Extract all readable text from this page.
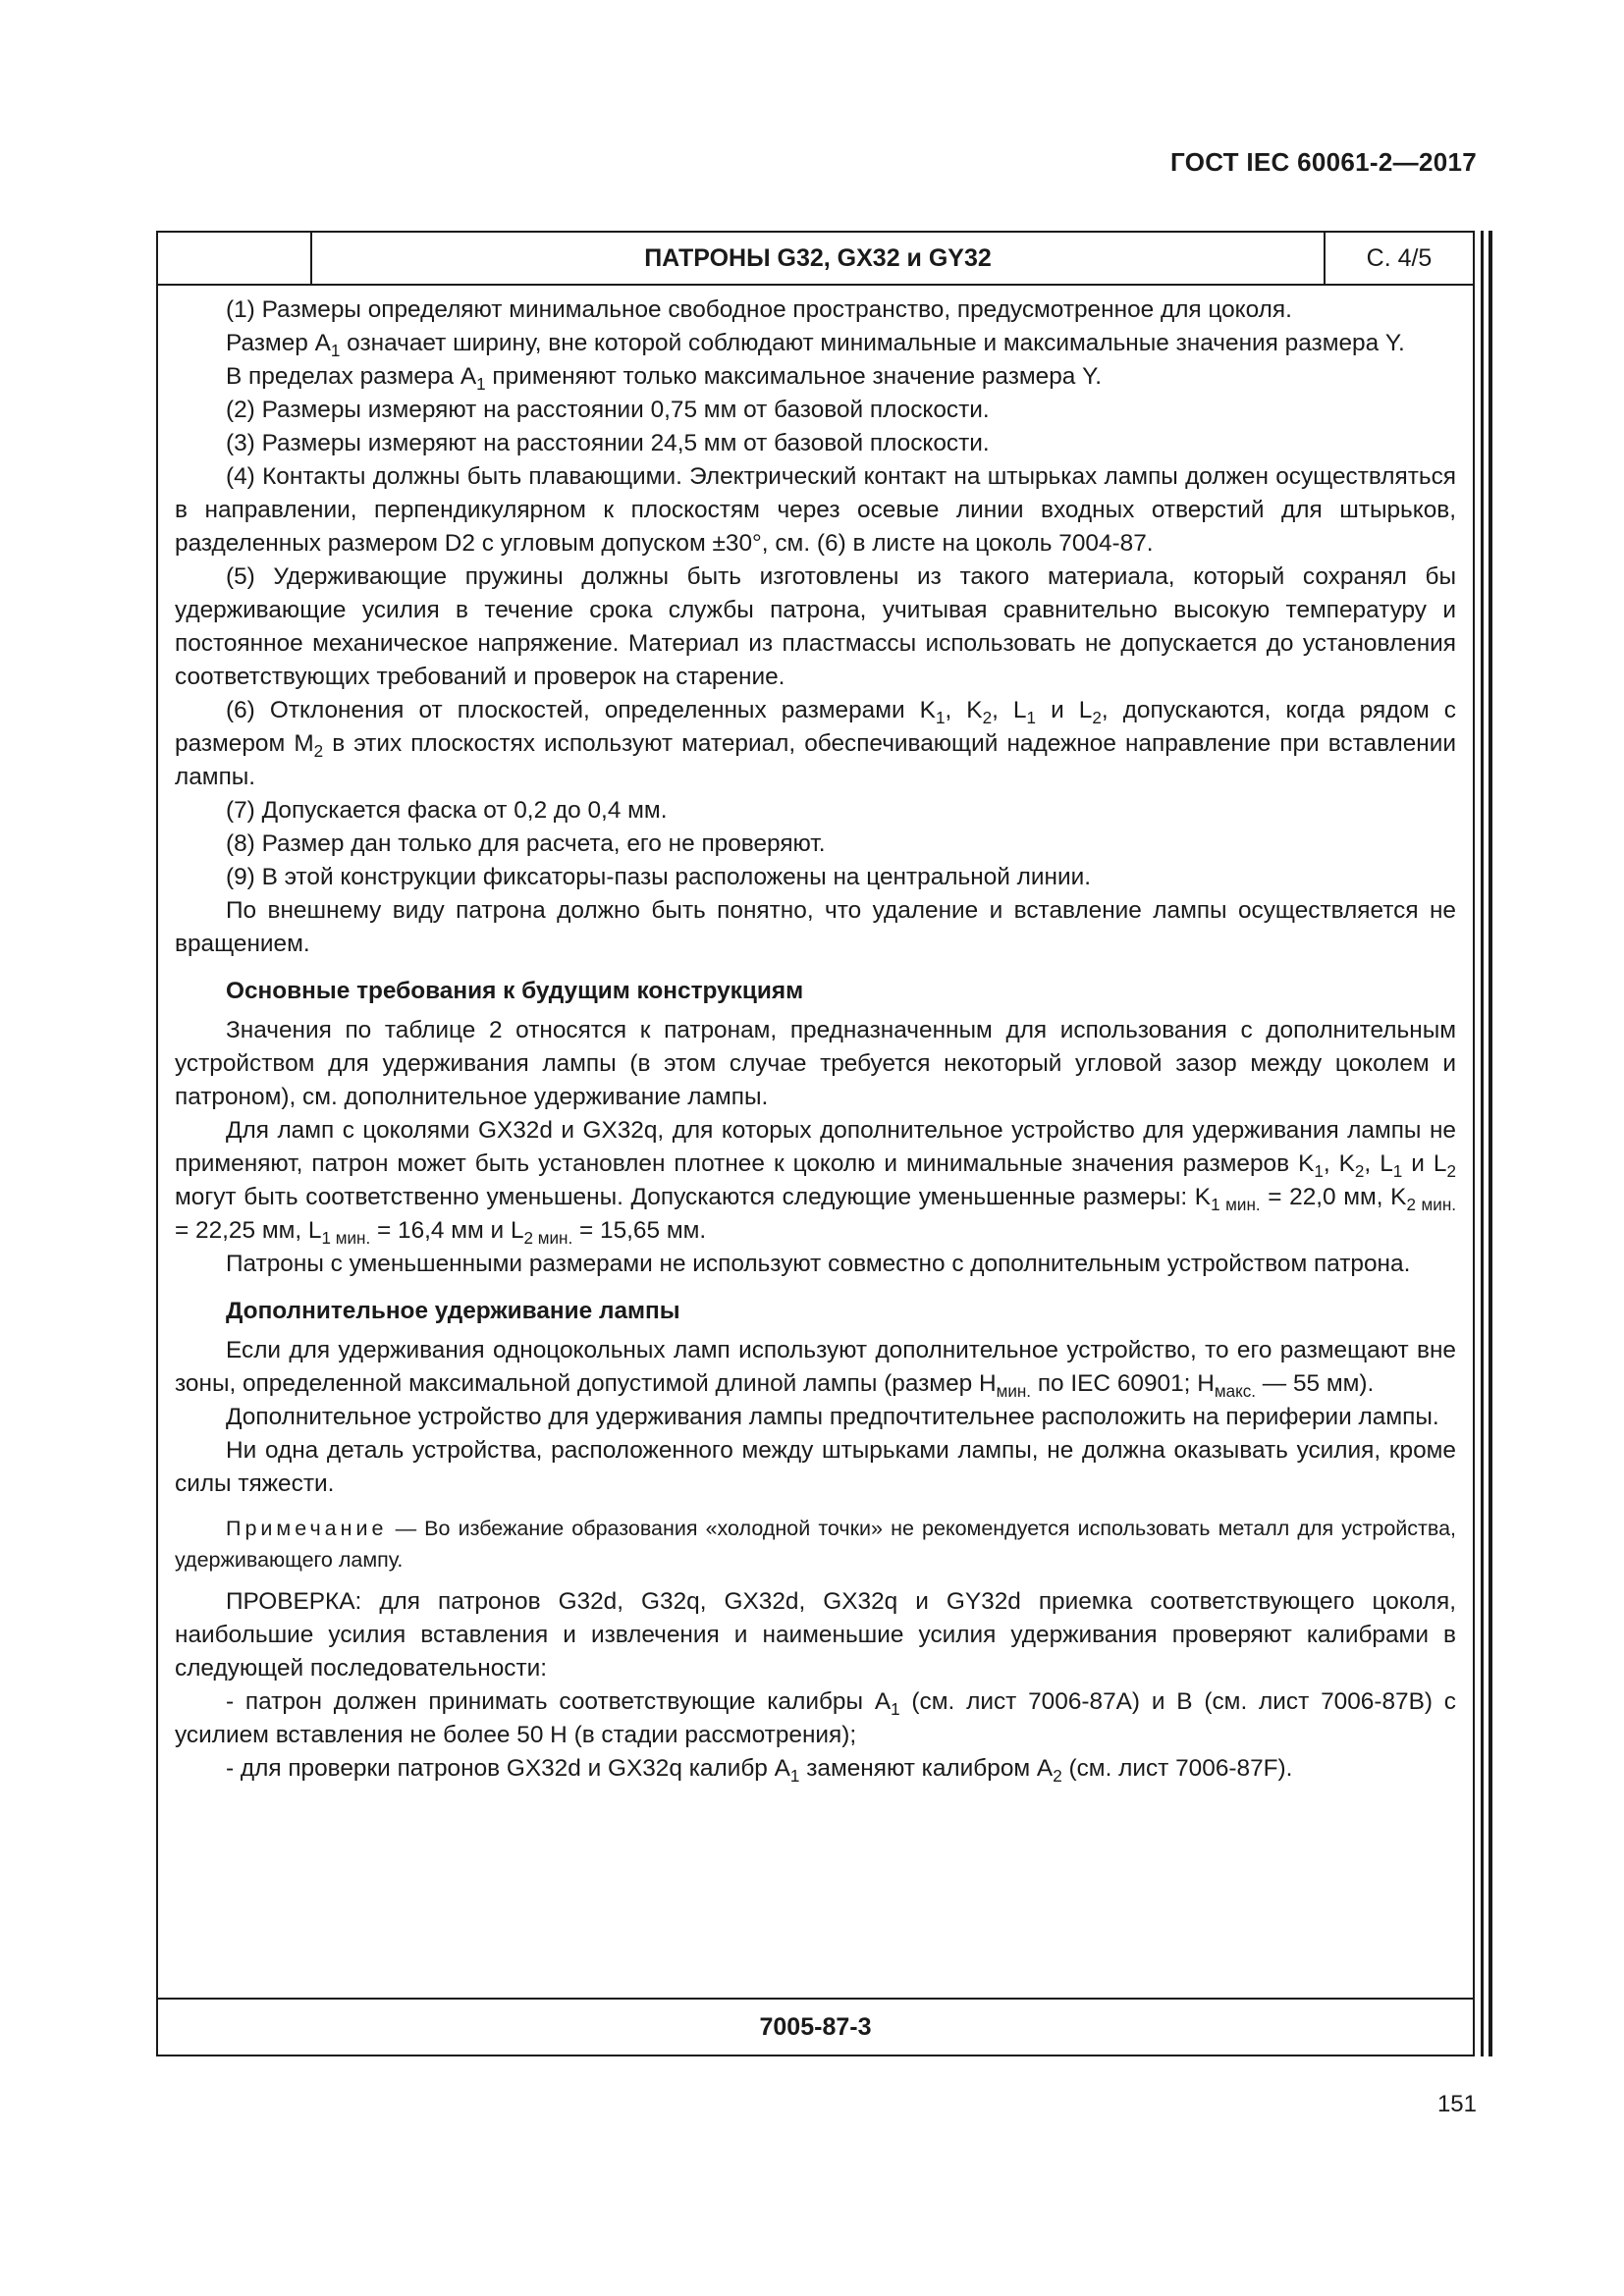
ГОСТ IEC 60061-2—2017
ПАТРОНЫ G32, GX32 и GY32	С. 4/5

(1) Размеры определяют минимальное свободное пространство, предусмотренное для цоколя.

Размер $A_1$ означает ширину, вне которой соблюдают минимальные и максимальные значения размера Y.

В пределах размера $A_1$ применяют только максимальное значение размера Y.

(2) Размеры измеряют на расстоянии 0,75 мм от базовой плоскости.

(3) Размеры измеряют на расстоянии 24,5 мм от базовой плоскости.

(4) Контакты должны быть плавающими. Электрический контакт на штырьках лампы должен осуществляться в направлении, перпендикулярном к плоскостям через осевые линии входных отверстий для штырьков, разделенных размером D2 с угловым допуском ±30°, см. (6) в листе на цоколь 7004-87.

(5) Удерживающие пружины должны быть изготовлены из такого материала, который сохранял бы удерживающие усилия в течение срока службы патрона, учитывая сравнительно высокую температуру и постоянное механическое напряжение. Материал из пластмассы использовать не допускается до установления соответствующих требований и проверок на старение.

(6) Отклонения от плоскостей, определенных размерами $K_1$, $K_2$, $L_1$ и $L_2$, допускаются, когда рядом с размером $M_2$ в этих плоскостях используют материал, обеспечивающий надежное направление при вставлении лампы.

(7) Допускается фаска от 0,2 до 0,4 мм.

(8) Размер дан только для расчета, его не проверяют.

(9) В этой конструкции фиксаторы-пазы расположены на центральной линии.

По внешнему виду патрона должно быть понятно, что удаление и вставление лампы осуществляется не вращением.

Основные требования к будущим конструкциям

Значения по таблице 2 относятся к патронам, предназначенным для использования с дополнительным устройством для удерживания лампы (в этом случае требуется некоторый угловой зазор между цоколем и патроном), см. дополнительное удерживание лампы.

Для ламп с цоколями GX32d и GX32q, для которых дополнительное устройство для удерживания лампы не применяют, патрон может быть установлен плотнее к цоколю и минимальные значения размеров $K_1$, $K_2$, $L_1$ и $L_2$ могут быть соответственно уменьшены. Допускаются следующие уменьшенные размеры: $K_{1 мин.} = 22,0$ мм, $K_{2 мин.} = 22,25$ мм, $L_{1 мин.} = 16,4$ мм и $L_{2 мин.} = 15,65$ мм.

Патроны с уменьшенными размерами не используют совместно с дополнительным устройством патрона.

Дополнительное удерживание лампы

Если для удерживания одноцокольных ламп используют дополнительное устройство, то его размещают вне зоны, определенной максимальной допустимой длиной лампы (размер $H_{мин.}$ по IEC 60901; $H_{макс.}$ — 55 мм).

Дополнительное устройство для удерживания лампы предпочтительнее расположить на периферии лампы.

Ни одна деталь устройства, расположенного между штырьками лампы, не должна оказывать усилия, кроме силы тяжести.

Примечание — Во избежание образования «холодной точки» не рекомендуется использовать металл для устройства, удерживающего лампу.

ПРОВЕРКА: для патронов G32d, G32q, GX32d, GX32q и GY32d приемка соответствующего цоколя, наибольшие усилия вставления и извлечения и наименьшие усилия удерживания проверяют калибрами в следующей последовательности:

- патрон должен принимать соответствующие калибры $A_1$ (см. лист 7006-87A) и B (см. лист 7006-87B) с усилием вставления не более 50 Н (в стадии рассмотрения);

- для проверки патронов GX32d и GX32q калибр $A_1$ заменяют калибром $A_2$ (см. лист 7006-87F).

7005-87-3
151
